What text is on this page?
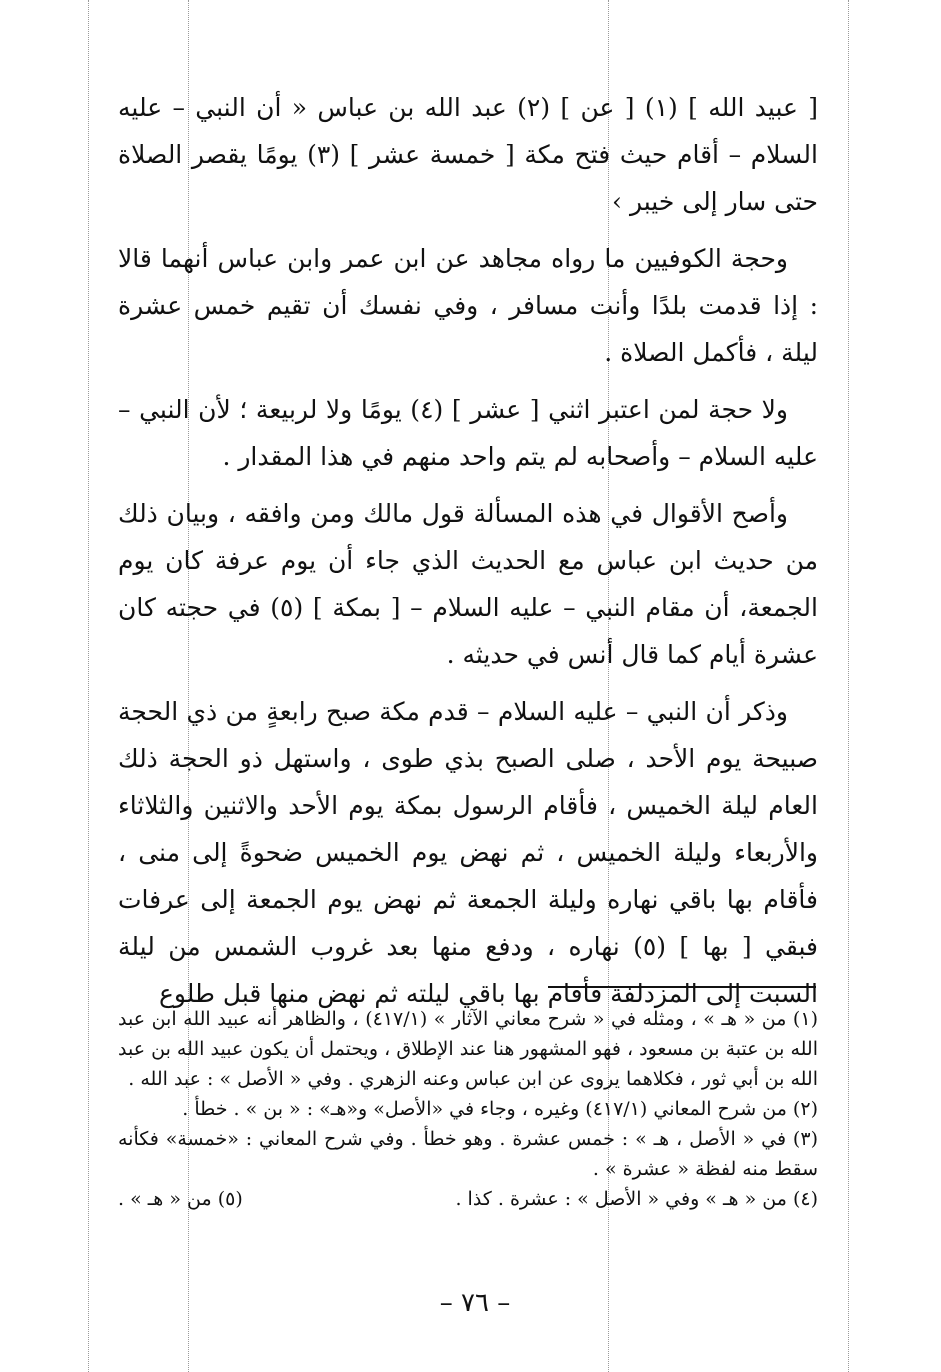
[ عبيد الله ] (١) [ عن ] (٢) عبد الله بن عباس « أن النبي – عليه السلام – أقام حيث فتح مكة [ خمسة عشر ] (٣) يومًا يقصر الصلاة حتى سار إلى خيبر ›

وحجة الكوفيين ما رواه مجاهد عن ابن عمر وابن عباس أنهما قالا : إذا قدمت بلدًا وأنت مسافر ، وفي نفسك أن تقيم خمس عشرة ليلة ، فأكمل الصلاة .

ولا حجة لمن اعتبر اثني [ عشر ] (٤) يومًا ولا لربيعة ؛ لأن النبي – عليه السلام – وأصحابه لم يتم واحد منهم في هذا المقدار .

وأصح الأقوال في هذه المسألة قول مالك ومن وافقه ، وبيان ذلك من حديث ابن عباس مع الحديث الذي جاء أن يوم عرفة كان يوم الجمعة، أن مقام النبي – عليه السلام – [ بمكة ] (٥) في حجته كان عشرة أيام كما قال أنس في حديثه .

وذكر أن النبي – عليه السلام – قدم مكة صبح رابعةٍ من ذي الحجة صبيحة يوم الأحد ، صلى الصبح بذي طوى ، واستهل ذو الحجة ذلك العام ليلة الخميس ، فأقام الرسول بمكة يوم الأحد والاثنين والثلاثاء والأربعاء وليلة الخميس ، ثم نهض يوم الخميس ضحوةً إلى منى ، فأقام بها باقي نهاره وليلة الجمعة ثم نهض يوم الجمعة إلى عرفات فبقي [ بها ] (٥) نهاره ، ودفع منها بعد غروب الشمس من ليلة السبت إلى المزدلفة فأقام بها باقي ليلته ثم نهض منها قبل طلوع

(١) من « هـ » ، ومثله في « شرح معاني الآثار » (٤١٧/١) ، والظاهر أنه عبيد الله ابن عبد الله بن عتبة بن مسعود ، فهو المشهور هنا عند الإطلاق ، ويحتمل أن يكون عبيد الله بن عبد الله بن أبي ثور ، فكلاهما يروى عن ابن عباس وعنه الزهري . وفي « الأصل » : عبد الله .

(٢) من شرح المعاني (٤١٧/١) وغيره ، وجاء في «الأصل» و«هـ» : « بن » . خطأ .

(٣) في « الأصل ، هـ » : خمس عشرة . وهو خطأ . وفي شرح المعاني : «خمسة» فكأنه سقط منه لفظة « عشرة » .

(٤) من « هـ » وفي « الأصل » : عشرة . كذا .
(٥) من « هـ » .
– ٧٦ –
